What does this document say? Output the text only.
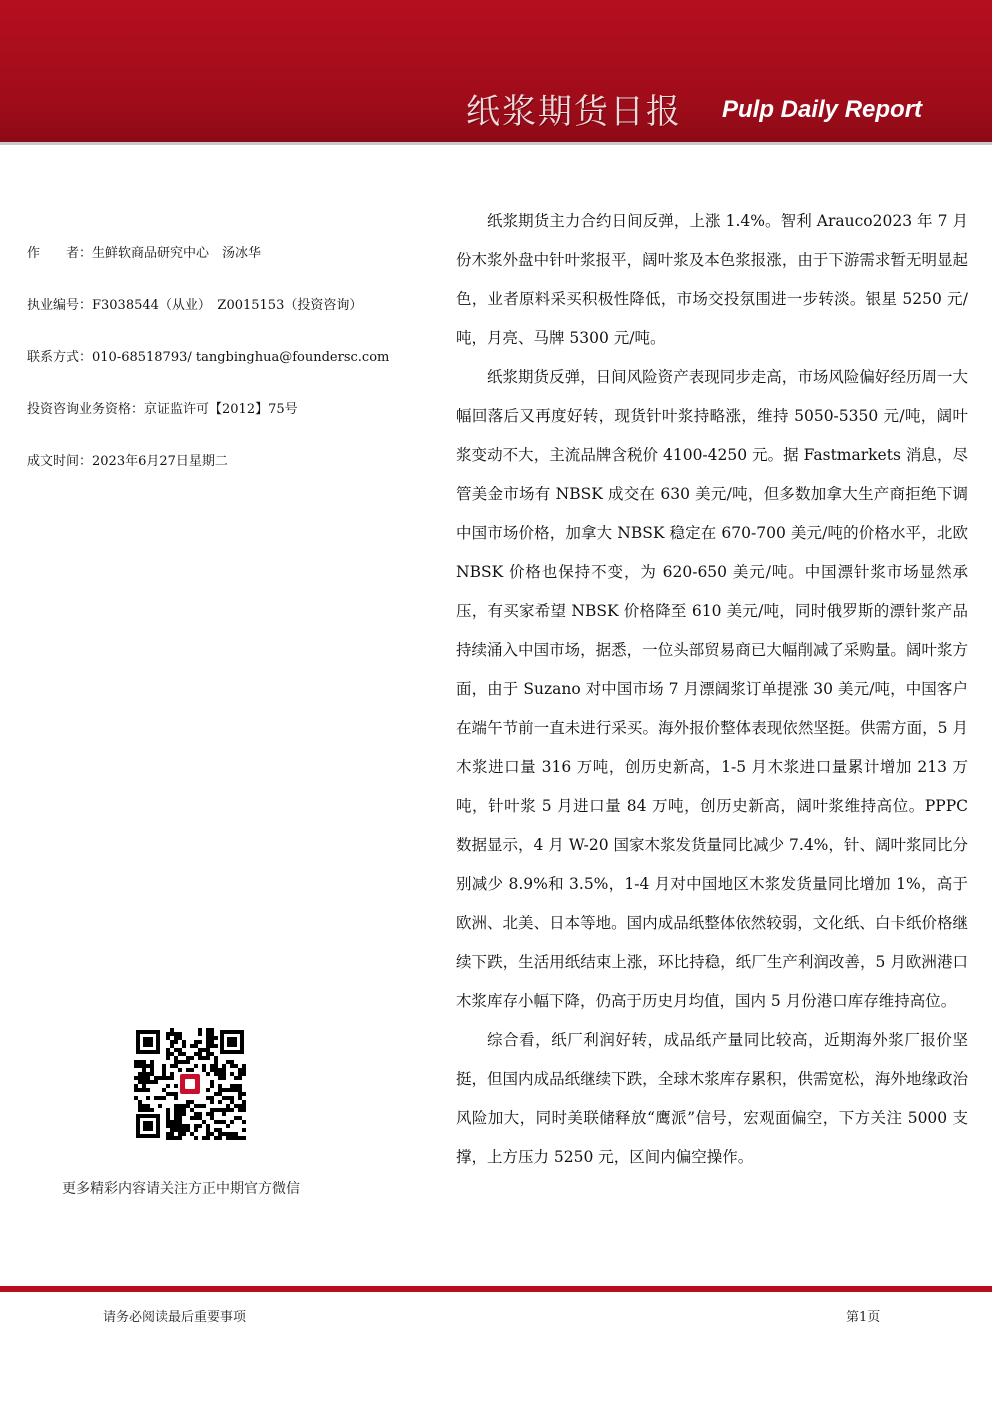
纸浆期货日报 Pulp Daily Report
作　　者：生鲜软商品研究中心　汤冰华
执业编号：F3038544（从业）　Z0015153（投资咨询）
联系方式：010-68518793/ tangbinghua@foundersc.com
投资咨询业务资格：京证监许可【2012】75号
成文时间：2023年6月27日星期二
更多精彩内容请关注方正中期官方微信

纸浆期货主力合约日间反弹，上涨 1.4%。智利 Arauco2023 年 7 月份木浆外盘中针叶浆报平，阔叶浆及本色浆报涨，由于下游需求暂无明显起色，业者原料采买积极性降低，市场交投氛围进一步转淡。银星 5250 元/吨，月亮、马牌 5300 元/吨。

纸浆期货反弹，日间风险资产表现同步走高，市场风险偏好经历周一大幅回落后又再度好转，现货针叶浆持略涨，维持 5050-5350 元/吨，阔叶浆变动不大，主流品牌含税价 4100-4250 元。据 Fastmarkets 消息，尽管美金市场有 NBSK 成交在 630 美元/吨，但多数加拿大生产商拒绝下调中国市场价格，加拿大 NBSK 稳定在 670-700 美元/吨的价格水平，北欧 NBSK 价格也保持不变，为 620-650 美元/吨。中国漂针浆市场显然承压，有买家希望 NBSK 价格降至 610 美元/吨，同时俄罗斯的漂针浆产品持续涌入中国市场，据悉，一位头部贸易商已大幅削减了采购量。阔叶浆方面，由于 Suzano 对中国市场 7 月漂阔浆订单提涨 30 美元/吨，中国客户在端午节前一直未进行采买。海外报价整体表现依然坚挺。供需方面，5 月木浆进口量 316 万吨，创历史新高，1-5 月木浆进口量累计增加 213 万吨，针叶浆 5 月进口量 84 万吨，创历史新高，阔叶浆维持高位。PPPC 数据显示，4 月 W-20 国家木浆发货量同比减少 7.4%，针、阔叶浆同比分别减少 8.9%和 3.5%，1-4 月对中国地区木浆发货量同比增加 1%，高于欧洲、北美、日本等地。国内成品纸整体依然较弱，文化纸、白卡纸价格继续下跌，生活用纸结束上涨，环比持稳，纸厂生产利润改善，5 月欧洲港口木浆库存小幅下降，仍高于历史月均值，国内 5 月份港口库存维持高位。

综合看，纸厂利润好转，成品纸产量同比较高，近期海外浆厂报价坚挺，但国内成品纸继续下跌，全球木浆库存累积，供需宽松，海外地缘政治风险加大，同时美联储释放“鹰派”信号，宏观面偏空，下方关注 5000 支撑，上方压力 5250 元，区间内偏空操作。

请务必阅读最后重要事项	第1页
